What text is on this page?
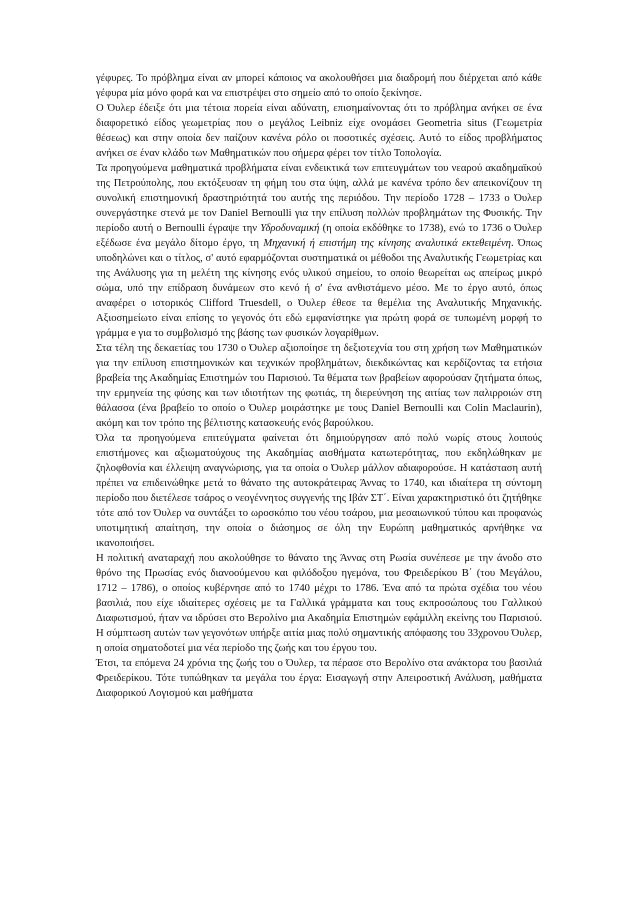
γέφυρες. Το πρόβλημα είναι αν μπορεί κάποιος να ακολουθήσει μια διαδρομή που διέρχεται από κάθε γέφυρα μία μόνο φορά και να επιστρέψει στο σημείο από το οποίο ξεκίνησε.

Ο Όυλερ έδειξε ότι μια τέτοια πορεία είναι αδύνατη, επισημαίνοντας ότι το πρόβλημα ανήκει σε ένα διαφορετικό είδος γεωμετρίας που ο μεγάλος Leibniz είχε ονομάσει Geometria situs (Γεωμετρία θέσεως) και στην οποία δεν παίζουν κανένα ρόλο οι ποσοτικές σχέσεις. Αυτό το είδος προβλήματος ανήκει σε έναν κλάδο των Μαθηματικών που σήμερα φέρει τον τίτλο Τοπολογία.

Τα προηγούμενα μαθηματικά προβλήματα είναι ενδεικτικά των επιτευγμάτων του νεαρού ακαδημαϊκού της Πετρούπολης, που εκτόξευσαν τη φήμη του στα ύψη, αλλά με κανένα τρόπο δεν απεικονίζουν τη συνολική επιστημονική δραστηριότητά του αυτής της περιόδου. Την περίοδο 1728 – 1733 ο Όυλερ συνεργάστηκε στενά με τον Daniel Bernoulli για την επίλυση πολλών προβλημάτων της Φυσικής. Την περίοδο αυτή ο Bernoulli έγραψε την Υδροδυναμική (η οποία εκδόθηκε το 1738), ενώ το 1736 ο Όυλερ εξέδωσε ένα μεγάλο δίτομο έργο, τη Μηχανική ή επιστήμη της κίνησης αναλυτικά εκτεθειμένη. Όπως υποδηλώνει και ο τίτλος, σ' αυτό εφαρμόζονται συστηματικά οι μέθοδοι της Αναλυτικής Γεωμετρίας και της Ανάλυσης για τη μελέτη της κίνησης ενός υλικού σημείου, το οποίο θεωρείται ως απείρως μικρό σώμα, υπό την επίδραση δυνάμεων στο κενό ή σ' ένα ανθιστάμενο μέσο. Με το έργο αυτό, όπως αναφέρει ο ιστορικός Clifford Truesdell, ο Όυλερ έθεσε τα θεμέλια της Αναλυτικής Μηχανικής. Αξιοσημείωτο είναι επίσης το γεγονός ότι εδώ εμφανίστηκε για πρώτη φορά σε τυπωμένη μορφή το γράμμα e για το συμβολισμό της βάσης των φυσικών λογαρίθμων.

Στα τέλη της δεκαετίας του 1730 ο Όυλερ αξιοποίησε τη δεξιοτεχνία του στη χρήση των Μαθηματικών για την επίλυση επιστημονικών και τεχνικών προβλημάτων, διεκδικώντας και κερδίζοντας τα ετήσια βραβεία της Ακαδημίας Επιστημών του Παρισιού. Τα θέματα των βραβείων αφορούσαν ζητήματα όπως, την ερμηνεία της φύσης και των ιδιοτήτων της φωτιάς, τη διερεύνηση της αιτίας των παλιρροιών στη θάλασσα (ένα βραβείο το οποίο ο Όυλερ μοιράστηκε με τους Daniel Bernoulli και Colin Maclaurin), ακόμη και τον τρόπο της βέλτιστης κατασκευής ενός βαρούλκου.

Όλα τα προηγούμενα επιτεύγματα φαίνεται ότι δημιούργησαν από πολύ νωρίς στους λοιπούς επιστήμονες και αξιωματούχους της Ακαδημίας αισθήματα κατωτερότητας, που εκδηλώθηκαν με ζηλοφθονία και έλλειψη αναγνώρισης, για τα οποία ο Όυλερ μάλλον αδιαφορούσε. Η κατάσταση αυτή πρέπει να επιδεινώθηκε μετά το θάνατο της αυτοκράτειρας Άννας το 1740, και ιδιαίτερα τη σύντομη περίοδο που διετέλεσε τσάρος ο νεογέννητος συγγενής της Ιβάν ΣΤ΄. Είναι χαρακτηριστικό ότι ζητήθηκε τότε από τον Όυλερ να συντάξει το ωροσκόπιο του νέου τσάρου, μια μεσαιωνικού τύπου και προφανώς υποτιμητική απαίτηση, την οποία ο διάσημος σε όλη την Ευρώπη μαθηματικός αρνήθηκε να ικανοποιήσει.

Η πολιτική αναταραχή που ακολούθησε το θάνατο της Άννας στη Ρωσία συνέπεσε με την άνοδο στο θρόνο της Πρωσίας ενός διανοούμενου και φιλόδοξου ηγεμόνα, του Φρειδερίκου Β΄ (του Μεγάλου, 1712 – 1786), ο οποίος κυβέρνησε από το 1740 μέχρι το 1786. Ένα από τα πρώτα σχέδια του νέου βασιλιά, που είχε ιδιαίτερες σχέσεις με τα Γαλλικά γράμματα και τους εκπροσώπους του Γαλλικού Διαφωτισμού, ήταν να ιδρύσει στο Βερολίνο μια Ακαδημία Επιστημών εφάμιλλη εκείνης του Παρισιού. Η σύμπτωση αυτών των γεγονότων υπήρξε αιτία μιας πολύ σημαντικής απόφασης του 33χρονου Όυλερ, η οποία σηματοδοτεί μια νέα περίοδο της ζωής και του έργου του.

Έτσι, τα επόμενα 24 χρόνια της ζωής του ο Όυλερ, τα πέρασε στο Βερολίνο στα ανάκτορα του βασιλιά Φρειδερίκου. Τότε τυπώθηκαν τα μεγάλα του έργα: Εισαγωγή στην Απειροστική Ανάλυση, μαθήματα Διαφορικού Λογισμού και μαθήματα
